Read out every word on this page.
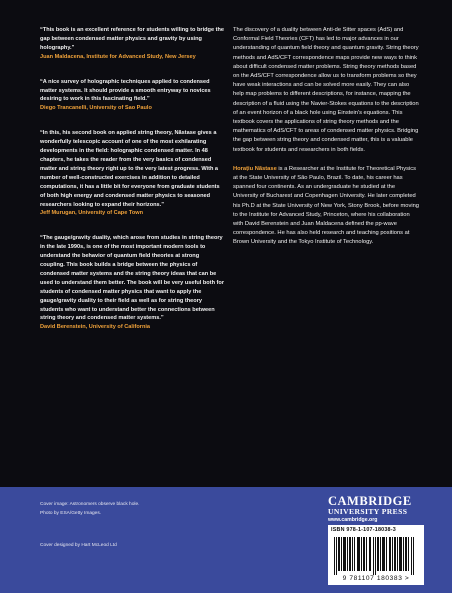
“This book is an excellent reference for students willing to bridge the gap between condensed matter physics and gravity by using holography.”
Juan Maldacena, Institute for Advanced Study, New Jersey
“A nice survey of holographic techniques applied to condensed matter systems. It should provide a smooth entryway to novices desiring to work in this fascinating field.”
Diego Trancanelli, University of Sao Paulo
“In this, his second book on applied string theory, Năstase gives a wonderfully telescopic account of one of the most exhilarating developments in the field: holographic condensed matter. In 48 chapters, he takes the reader from the very basics of condensed matter and string theory right up to the very latest progress. With a number of well-constructed exercises in addition to detailed computations, it has a little bit for everyone from graduate students of both high energy and condensed matter physics to seasoned researchers looking to expand their horizons.”
Jeff Murugan, University of Cape Town
“The gauge/gravity duality, which arose from studies in string theory in the late 1990s, is one of the most important modern tools to understand the behavior of quantum field theories at strong coupling. This book builds a bridge between the physics of condensed matter systems and the string theory ideas that can be used to understand them better. The book will be very useful both for students of condensed matter physics that want to apply the gauge/gravity duality to their field as well as for string theory students who want to understand better the connections between string theory and condensed matter systems.”
David Berenstein, University of California

The discovery of a duality between Anti-de Sitter spaces (AdS) and Conformal Field Theories (CFT) has led to major advances in our understanding of quantum field theory and quantum gravity. String theory methods and AdS/CFT correspondence maps provide new ways to think about difficult condensed matter problems. String theory methods based on the AdS/CFT correspondence allow us to transform problems so they have weak interactions and can be solved more easily. They can also help map problems to different descriptions, for instance, mapping the description of a fluid using the Navier-Stokes equations to the description of an event horizon of a black hole using Einstein's equations. This textbook covers the applications of string theory methods and the mathematics of AdS/CFT to areas of condensed matter physics. Bridging the gap between string theory and condensed matter, this is a valuable textbook for students and researchers in both fields.

Horațiu Năstase is a Researcher at the Institute for Theoretical Physics at the State University of São Paulo, Brazil. To date, his career has spanned four continents. As an undergraduate he studied at the University of Bucharest and Copenhagen University. He later completed his Ph.D at the State University of New York, Stony Brook, before moving to the Institute for Advanced Study, Princeton, where his collaboration with David Berenstein and Juan Maldacena defined the pp-wave correspondence. He has also held research and teaching positions at Brown University and the Tokyo Institute of Technology.

Cover image: Astronomers observe black hole.
Photo by ESA/Getty Images.
Cover designed by Hart McLeod Ltd
CAMBRIDGE
UNIVERSITY PRESS
www.cambridge.org
ISBN 978-1-107-18038-3
9 781107 180383 >
